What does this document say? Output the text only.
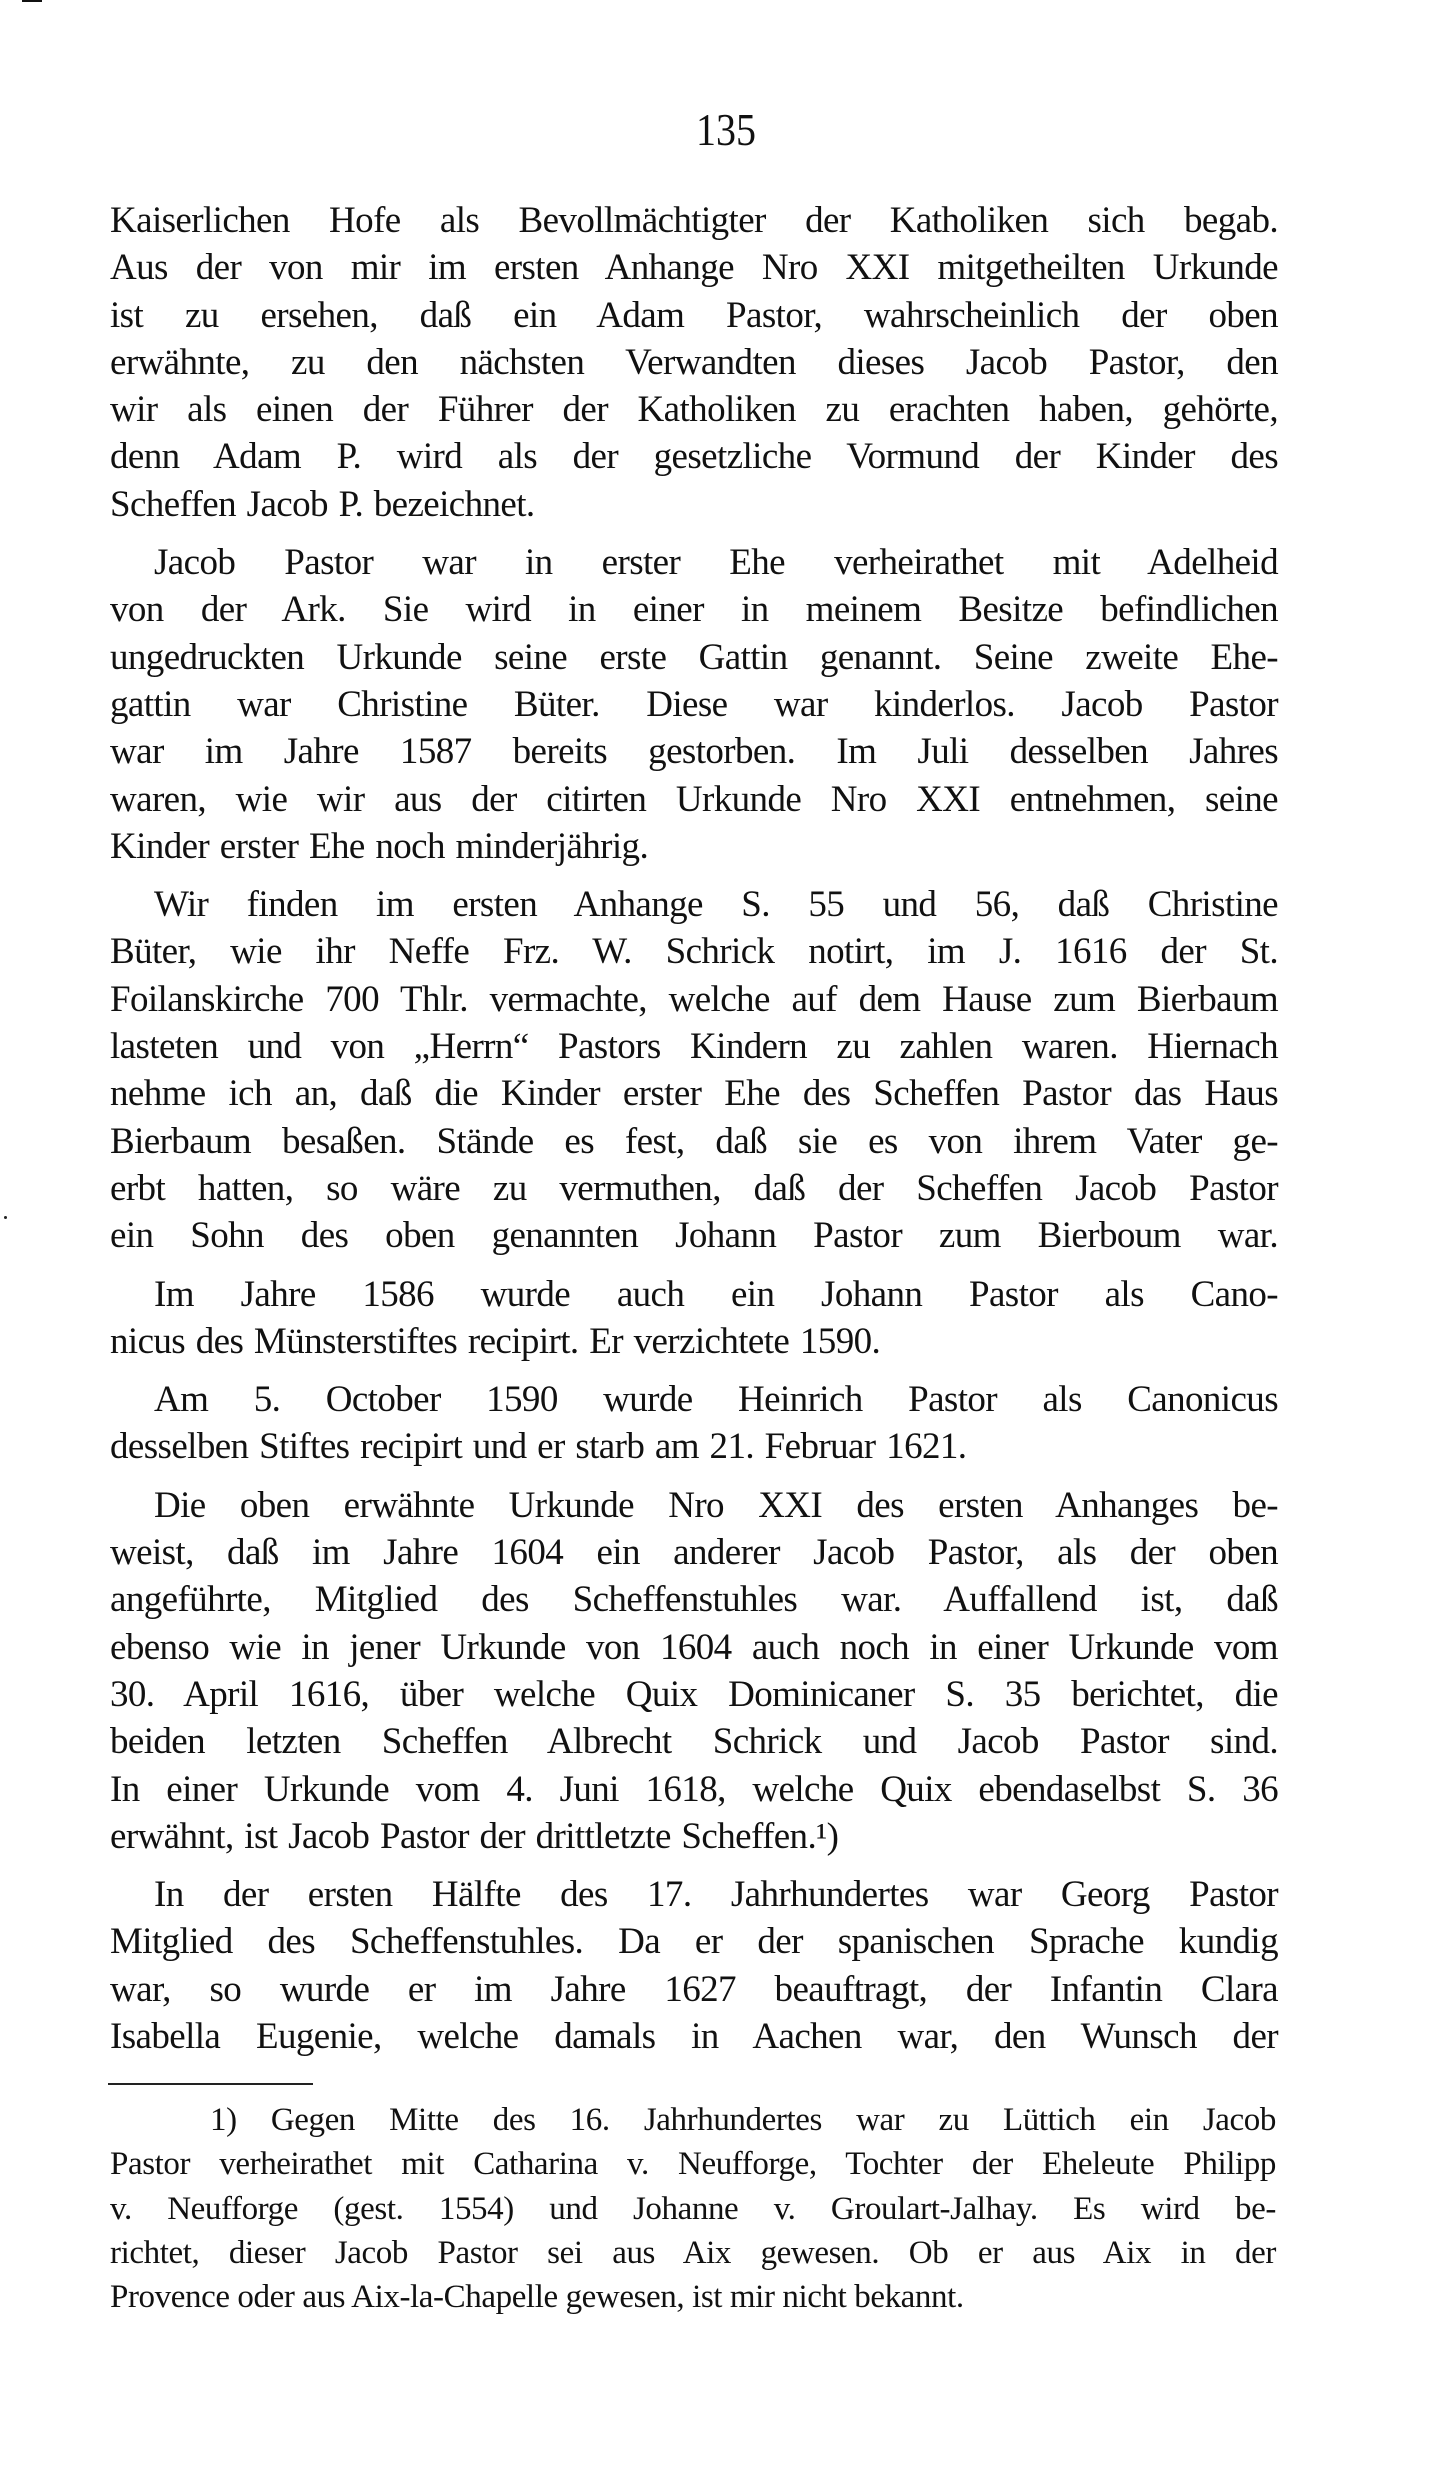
135
Kaiserlichen Hofe als Bevollmächtigter der Katholiken sich begab.
Aus der von mir im ersten Anhange Nro XXI mitgetheilten Urkunde
ist zu ersehen, daß ein Adam Pastor, wahrscheinlich der oben
erwähnte, zu den nächsten Verwandten dieses Jacob Pastor, den
wir als einen der Führer der Katholiken zu erachten haben, gehörte,
denn Adam P. wird als der gesetzliche Vormund der Kinder des
Scheffen Jacob P. bezeichnet.
Jacob Pastor war in erster Ehe verheirathet mit Adelheid
von der Ark. Sie wird in einer in meinem Besitze befindlichen
ungedruckten Urkunde seine erste Gattin genannt. Seine zweite Ehe-
gattin war Christine Büter. Diese war kinderlos. Jacob Pastor
war im Jahre 1587 bereits gestorben. Im Juli desselben Jahres
waren, wie wir aus der citirten Urkunde Nro XXI entnehmen, seine
Kinder erster Ehe noch minderjährig.
Wir finden im ersten Anhange S. 55 und 56, daß Christine
Büter, wie ihr Neffe Frz. W. Schrick notirt, im J. 1616 der St.
Foilanskirche 700 Thlr. vermachte, welche auf dem Hause zum Bierbaum
lasteten und von „Herrn“ Pastors Kindern zu zahlen waren. Hiernach
nehme ich an, daß die Kinder erster Ehe des Scheffen Pastor das Haus
Bierbaum besaßen. Stände es fest, daß sie es von ihrem Vater ge-
erbt hatten, so wäre zu vermuthen, daß der Scheffen Jacob Pastor
ein Sohn des oben genannten Johann Pastor zum Bierboum war.
Im Jahre 1586 wurde auch ein Johann Pastor als Cano-
nicus des Münsterstiftes recipirt. Er verzichtete 1590.
Am 5. October 1590 wurde Heinrich Pastor als Canonicus
desselben Stiftes recipirt und er starb am 21. Februar 1621.
Die oben erwähnte Urkunde Nro XXI des ersten Anhanges be-
weist, daß im Jahre 1604 ein anderer Jacob Pastor, als der oben
angeführte, Mitglied des Scheffenstuhles war. Auffallend ist, daß
ebenso wie in jener Urkunde von 1604 auch noch in einer Urkunde vom
30. April 1616, über welche Quix Dominicaner S. 35 berichtet, die
beiden letzten Scheffen Albrecht Schrick und Jacob Pastor sind.
In einer Urkunde vom 4. Juni 1618, welche Quix ebendaselbst S. 36
erwähnt, ist Jacob Pastor der drittletzte Scheffen.¹)
In der ersten Hälfte des 17. Jahrhundertes war Georg Pastor
Mitglied des Scheffenstuhles. Da er der spanischen Sprache kundig
war, so wurde er im Jahre 1627 beauftragt, der Infantin Clara
Isabella Eugenie, welche damals in Aachen war, den Wunsch der
1) Gegen Mitte des 16. Jahrhundertes war zu Lüttich ein Jacob
Pastor verheirathet mit Catharina v. Neufforge, Tochter der Eheleute Philipp
v. Neufforge (gest. 1554) und Johanne v. Groulart-Jalhay. Es wird be-
richtet, dieser Jacob Pastor sei aus Aix gewesen. Ob er aus Aix in der
Provence oder aus Aix-la-Chapelle gewesen, ist mir nicht bekannt.
